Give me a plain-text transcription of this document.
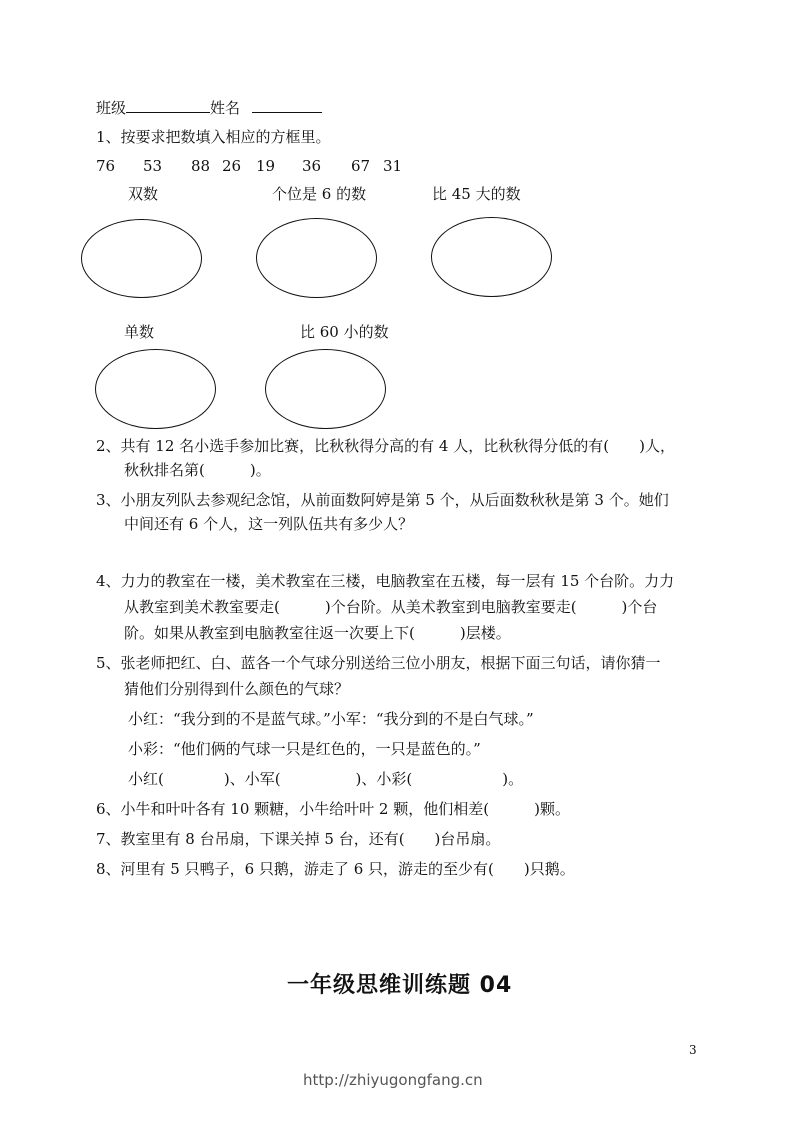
班级	姓名
1、按要求把数填入相应的方框里。
76 53 88 26 19 36 67 31
双数	个位是 6 的数	比 45 大的数
单数	比 60 小的数
2、共有 12 名小选手参加比赛，比秋秋得分高的有 4 人，比秋秋得分低的有(　　)人，
秋秋排名第(　　　)。
3、小朋友列队去参观纪念馆，从前面数阿婷是第 5 个，从后面数秋秋是第 3 个。她们
中间还有 6 个人，这一列队伍共有多少人？
4、力力的教室在一楼，美术教室在三楼，电脑教室在五楼，每一层有 15 个台阶。力力
从教室到美术教室要走(　　　)个台阶。从美术教室到电脑教室要走(　　　)个台
阶。如果从教室到电脑教室往返一次要上下(　　　)层楼。
5、张老师把红、白、蓝各一个气球分别送给三位小朋友，根据下面三句话，请你猜一
猜他们分别得到什么颜色的气球？
小红：“我分到的不是蓝气球。”小军：“我分到的不是白气球。”
小彩：“他们俩的气球一只是红色的，一只是蓝色的。”
小红(　　　　)、小军(　　　　　)、小彩(　　　　　　)。
6、小牛和叶叶各有 10 颗糖，小牛给叶叶 2 颗，他们相差(　　　)颗。
7、教室里有 8 台吊扇，下课关掉 5 台，还有(　　)台吊扇。
8、河里有 5 只鸭子，6 只鹅，游走了 6 只，游走的至少有(　　)只鹅。
一年级思维训练题 04
3
http://zhiyugongfang.cn
